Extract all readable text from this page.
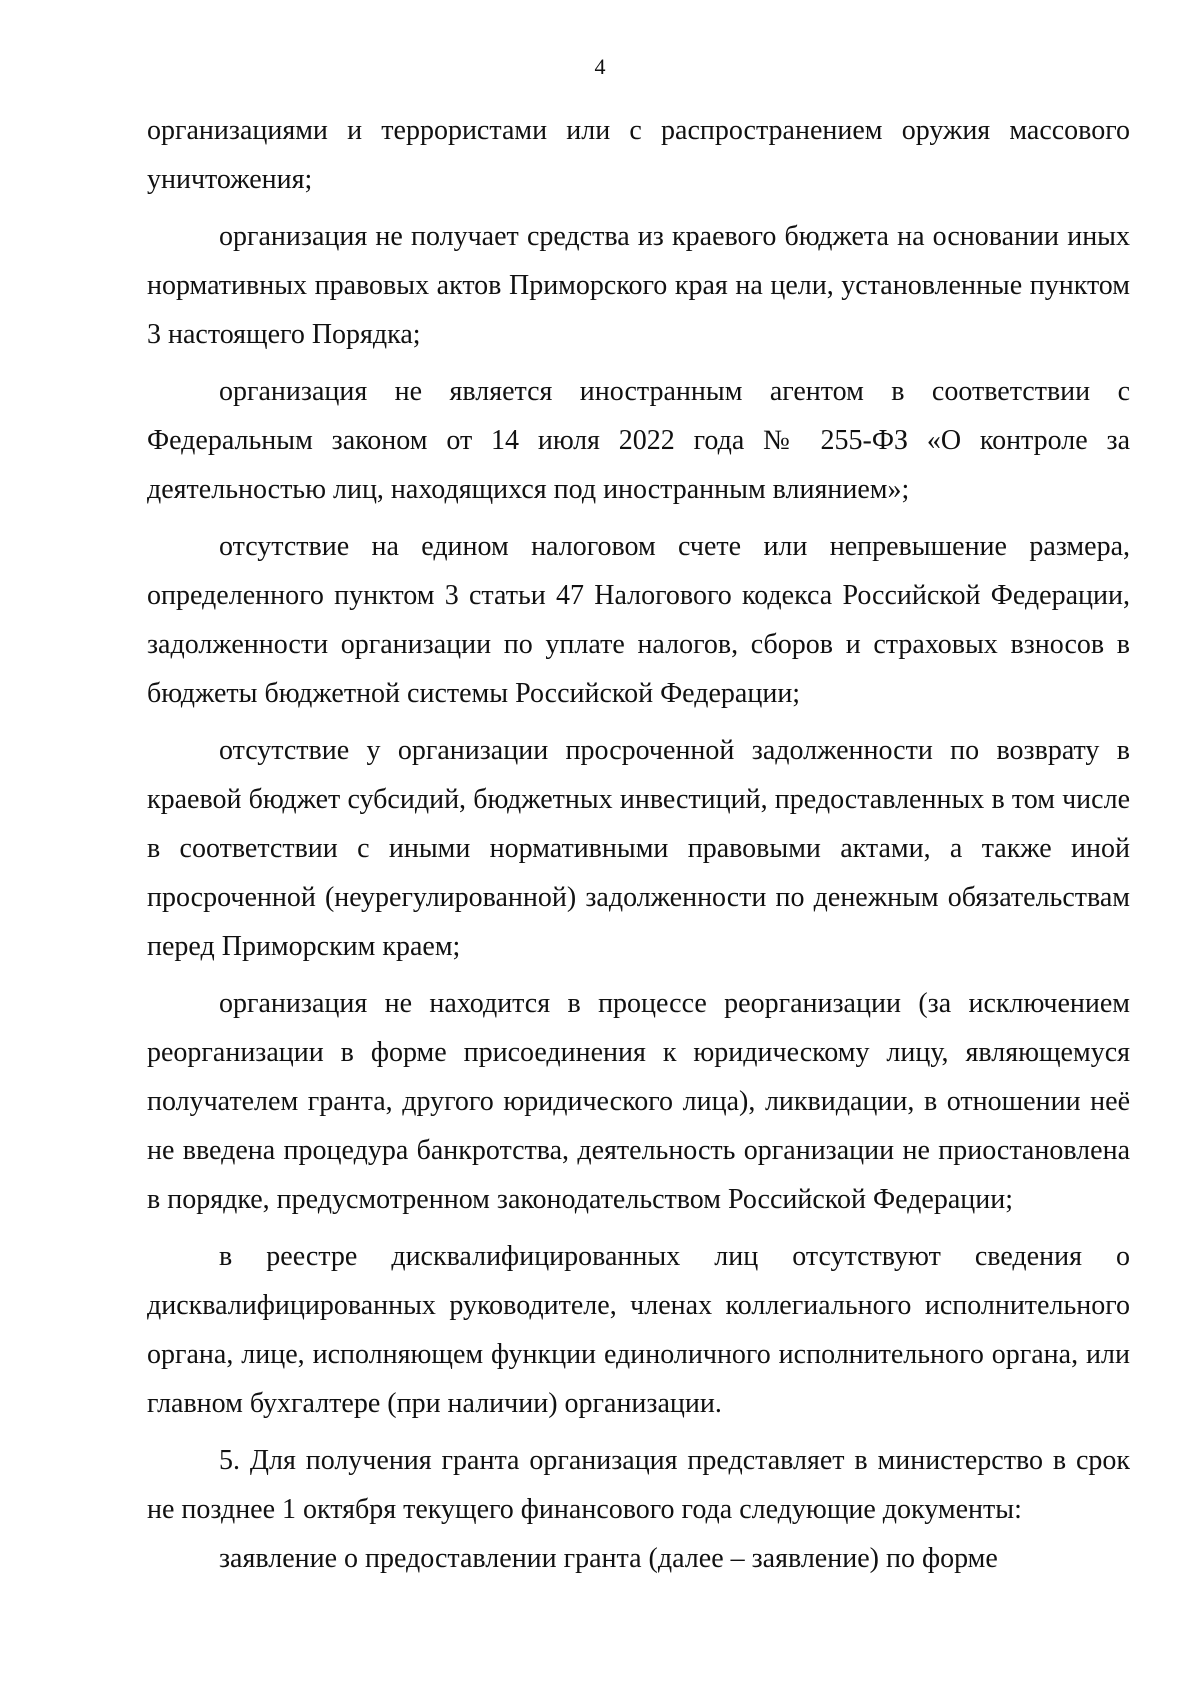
4

организациями и террористами или с распространением оружия массового уничтожения;

организация не получает средства из краевого бюджета на основании иных нормативных правовых актов Приморского края на цели, установленные пунктом 3 настоящего Порядка;

организация не является иностранным агентом в соответствии с Федеральным законом от 14 июля 2022 года № 255-ФЗ «О контроле за деятельностью лиц, находящихся под иностранным влиянием»;

отсутствие на едином налоговом счете или непревышение размера, определенного пунктом 3 статьи 47 Налогового кодекса Российской Федерации, задолженности организации по уплате налогов, сборов и страховых взносов в бюджеты бюджетной системы Российской Федерации;

отсутствие у организации просроченной задолженности по возврату в краевой бюджет субсидий, бюджетных инвестиций, предоставленных в том числе в соответствии с иными нормативными правовыми актами, а также иной просроченной (неурегулированной) задолженности по денежным обязательствам перед Приморским краем;

организация не находится в процессе реорганизации (за исключением реорганизации в форме присоединения к юридическому лицу, являющемуся получателем гранта, другого юридического лица), ликвидации, в отношении неё не введена процедура банкротства, деятельность организации не приостановлена в порядке, предусмотренном законодательством Российской Федерации;

в реестре дисквалифицированных лиц отсутствуют сведения о дисквалифицированных руководителе, членах коллегиального исполнительного органа, лице, исполняющем функции единоличного исполнительного органа, или главном бухгалтере (при наличии) организации.

5. Для получения гранта организация представляет в министерство в срок не позднее 1 октября текущего финансового года следующие документы:

заявление о предоставлении гранта (далее – заявление) по форме
